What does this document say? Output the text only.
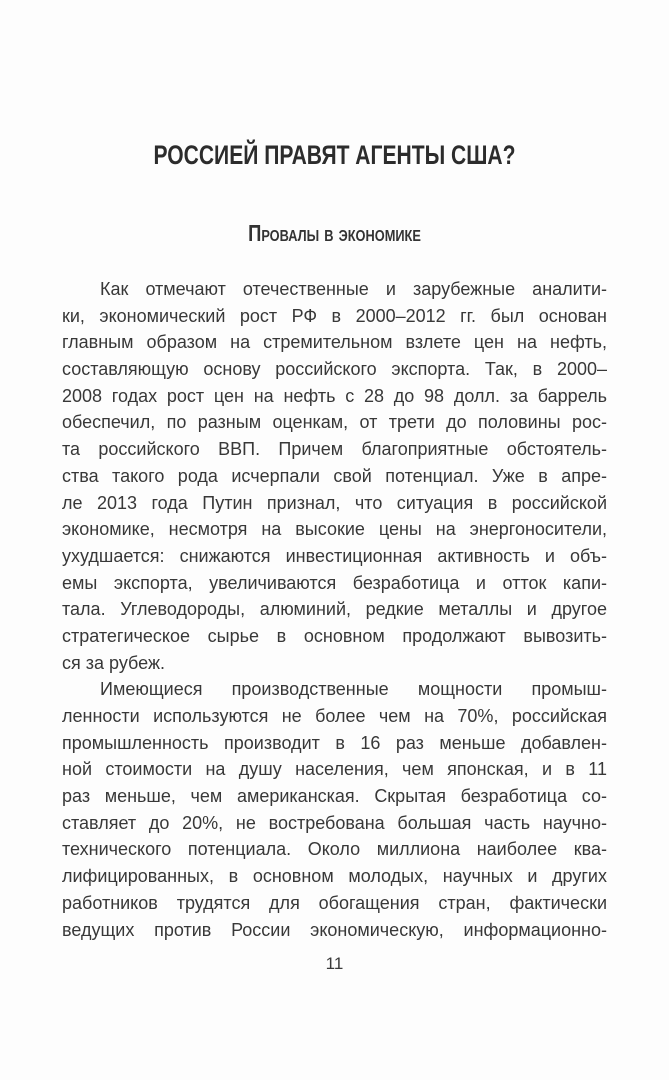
РОССИЕЙ ПРАВЯТ АГЕНТЫ США?
Провалы в экономике
Как отмечают отечественные и зарубежные аналити-
ки, экономический рост РФ в 2000–2012 гг. был основан
главным образом на стремительном взлете цен на нефть,
составляющую основу российского экспорта. Так, в 2000–
2008 годах рост цен на нефть с 28 до 98 долл. за баррель
обеспечил, по разным оценкам, от трети до половины рос-
та российского ВВП. Причем благоприятные обстоятель-
ства такого рода исчерпали свой потенциал. Уже в апре-
ле 2013 года Путин признал, что ситуация в российской
экономике, несмотря на высокие цены на энергоносители,
ухудшается: снижаются инвестиционная активность и объ-
емы экспорта, увеличиваются безработица и отток капи-
тала. Углеводороды, алюминий, редкие металлы и другое
стратегическое сырье в основном продолжают вывозить-
ся за рубеж.
Имеющиеся производственные мощности промыш-
ленности используются не более чем на 70%, российская
промышленность производит в 16 раз меньше добавлен-
ной стоимости на душу населения, чем японская, и в 11
раз меньше, чем американская. Скрытая безработица со-
ставляет до 20%, не востребована большая часть научно-
технического потенциала. Около миллиона наиболее ква-
лифицированных, в основном молодых, научных и других
работников трудятся для обогащения стран, фактически
ведущих против России экономическую, информационно-
11
